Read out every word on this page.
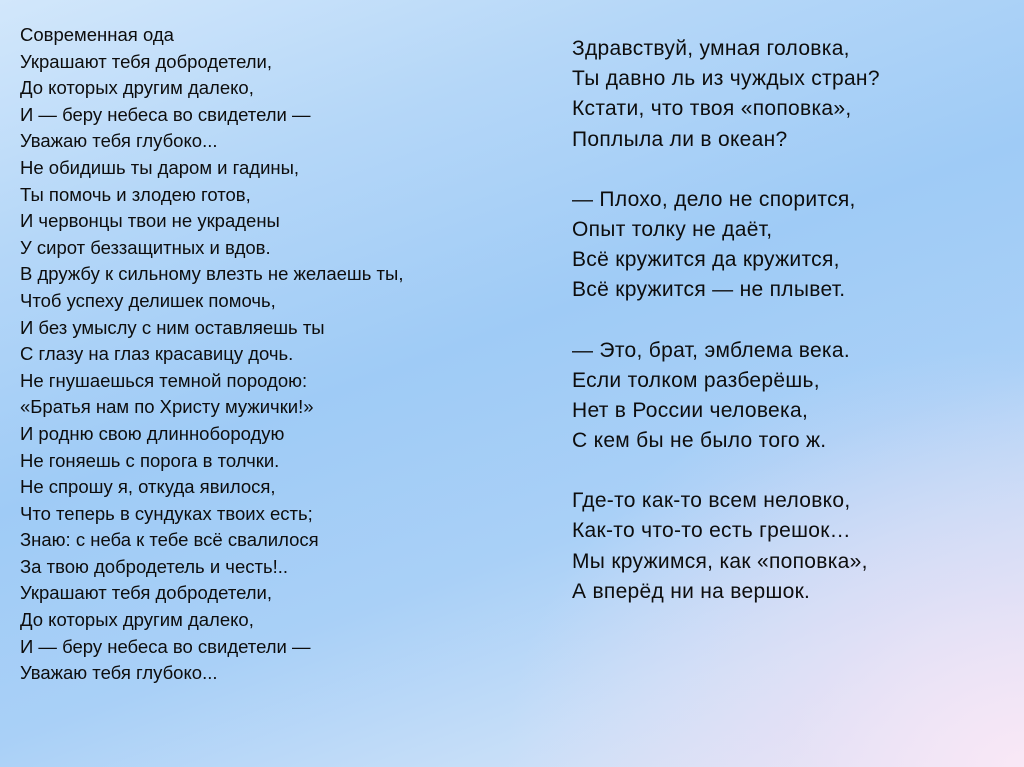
Современная ода
Украшают тебя добродетели,
До которых другим далеко,
И — беру небеса во свидетели —
Уважаю тебя глубоко...
Не обидишь ты даром и гадины,
Ты помочь и злодею готов,
И червонцы твои не украдены
У сирот беззащитных и вдов.
В дружбу к сильному влезть не желаешь ты,
Чтоб успеху делишек помочь,
И без умыслу с ним оставляешь ты
С глазу на глаз красавицу дочь.
Не гнушаешься темной породою:
«Братья нам по Христу мужички!»
И родню свою длиннобородую
Не гоняешь с порога в толчки.
Не спрошу я, откуда явилося,
Что теперь в сундуках твоих есть;
Знаю: с неба к тебе всё свалилося
За твою добродетель и честь!..
Украшают тебя добродетели,
До которых другим далеко,
И — беру небеса во свидетели —
Уважаю тебя глубоко...
Здравствуй, умная головка,
Ты давно ль из чуждых стран?
Кстати, что твоя «поповка»,
Поплыла ли в океан?
— Плохо, дело не спорится,
Опыт толку не даёт,
Всё кружится да кружится,
Всё кружится — не плывет.
— Это, брат, эмблема века.
Если толком разберёшь,
Нет в России человека,
С кем бы не было того ж.
Где-то как-то всем неловко,
Как-то что-то есть грешок…
Мы кружимся, как «поповка»,
А вперёд ни на вершок.
